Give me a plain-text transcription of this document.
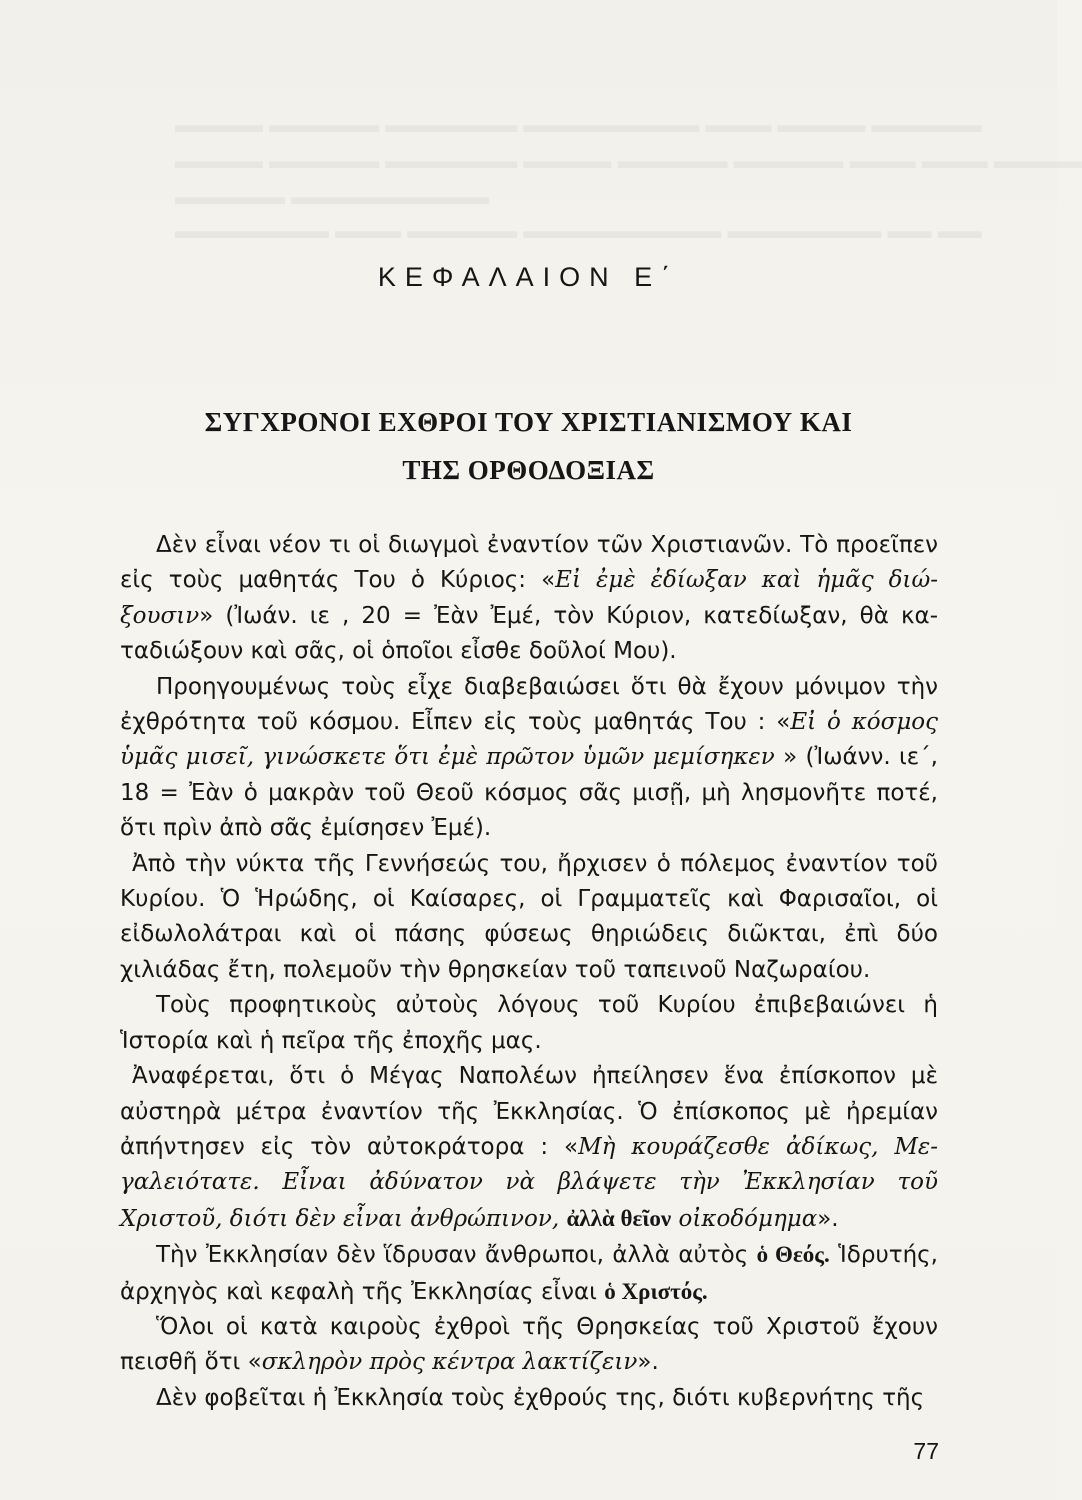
▬▬▬▬ ▬▬▬▬▬ ▬▬▬▬▬▬ ▬▬▬▬▬▬▬▬ ▬▬▬ ▬▬▬▬ ▬▬▬▬▬
▬▬▬▬ ▬▬▬▬▬ ▬▬▬▬▬▬ ▬▬▬▬ ▬▬▬▬▬ ▬▬▬▬▬ ▬▬▬ ▬▬▬ ▬▬▬▬
▬▬▬▬▬ ▬▬▬▬▬▬▬▬▬
▬▬▬▬▬▬▬ ▬▬▬ ▬▬▬▬▬ ▬▬▬▬▬▬▬▬▬ ▬▬▬▬▬▬▬ ▬▬ ▬▬
ΚΕΦΑΛΑΙΟΝ Ε΄
ΣΥΓΧΡΟΝΟΙ ΕΧΘΡΟΙ ΤΟΥ ΧΡΙΣΤΙΑΝΙΣΜΟΥ ΚΑΙ
ΤΗΣ ΟΡΘΟΔΟΞΙΑΣ

Δὲν εἶναι νέον τι οἱ διωγμοὶ ἐναντίον τῶν Χριστιανῶν. Τὸ προεῖπεν εἰς τοὺς μαθητάς Του ὁ Κύριος: «Εἰ ἐμὲ ἐδίωξαν καὶ ἡμᾶς διώξουσιν» (Ἰωάν. ιε , 20 = Ἐὰν Ἐμέ, τὸν Κύριον, κατεδίωξαν, θὰ καταδιώξουν καὶ σᾶς, οἱ ὁποῖοι εἶσθε δοῦλοί Μου).

Προηγουμένως τοὺς εἶχε διαβεβαιώσει ὅτι θὰ ἔχουν μόνιμον τὴν ἐχθρότητα τοῦ κόσμου. Εἶπεν εἰς τοὺς μαθητάς Του : «Εἰ ὁ κόσμος ὑμᾶς μισεῖ, γινώσκετε ὅτι ἐμὲ πρῶτον ὑμῶν μεμίσηκεν » (Ἰωάνν. ιε΄, 18 = Ἐὰν ὁ μακρὰν τοῦ Θεοῦ κόσμος σᾶς μισῇ, μὴ λησμονῆτε ποτέ, ὅτι πρὶν ἀπὸ σᾶς ἐμίσησεν Ἐμέ).

Ἀπὸ τὴν νύκτα τῆς Γεννήσεώς του, ἤρχισεν ὁ πόλεμος ἐναντίον τοῦ Κυρίου. Ὁ Ἡρώδης, οἱ Καίσαρες, οἱ Γραμματεῖς καὶ Φαρισαῖοι, οἱ εἰδωλολάτραι καὶ οἱ πάσης φύσεως θηριώδεις διῶκται, ἐπὶ δύο χιλιάδας ἔτη, πολεμοῦν τὴν θρησκείαν τοῦ ταπεινοῦ Ναζωραίου.

Τοὺς προφητικοὺς αὐτοὺς λόγους τοῦ Κυρίου ἐπιβεβαιώνει ἡ Ἱστορία καὶ ἡ πεῖρα τῆς ἐποχῆς μας.

Ἀναφέρεται, ὅτι ὁ Μέγας Ναπολέων ἠπείλησεν ἕνα ἐπίσκοπον μὲ αὐστηρὰ μέτρα ἐναντίον τῆς Ἐκκλησίας. Ὁ ἐπίσκοπος μὲ ἠρεμίαν ἀπήντησεν εἰς τὸν αὐτοκράτορα : «Μὴ κουράζεσθε ἀδίκως, Μεγαλειότατε. Εἶναι ἀδύνατον νὰ βλάψετε τὴν Ἐκκλησίαν τοῦ Χριστοῦ, διότι δὲν εἶναι ἀνθρώπινον, ἀλλὰ θεῖον οἰκοδόμημα».

Τὴν Ἐκκλησίαν δὲν ἵδρυσαν ἄνθρωποι, ἀλλὰ αὐτὸς ὁ Θεός. Ἱδρυτής, ἀρχηγὸς καὶ κεφαλὴ τῆς Ἐκκλησίας εἶναι ὁ Χριστός.

Ὅλοι οἱ κατὰ καιροὺς ἐχθροὶ τῆς Θρησκείας τοῦ Χριστοῦ ἔχουν πεισθῆ ὅτι «σκληρὸν πρὸς κέντρα λακτίζειν».

Δὲν φοβεῖται ἡ Ἐκκλησία τοὺς ἐχθρούς της, διότι κυβερνήτης τῆς

77
